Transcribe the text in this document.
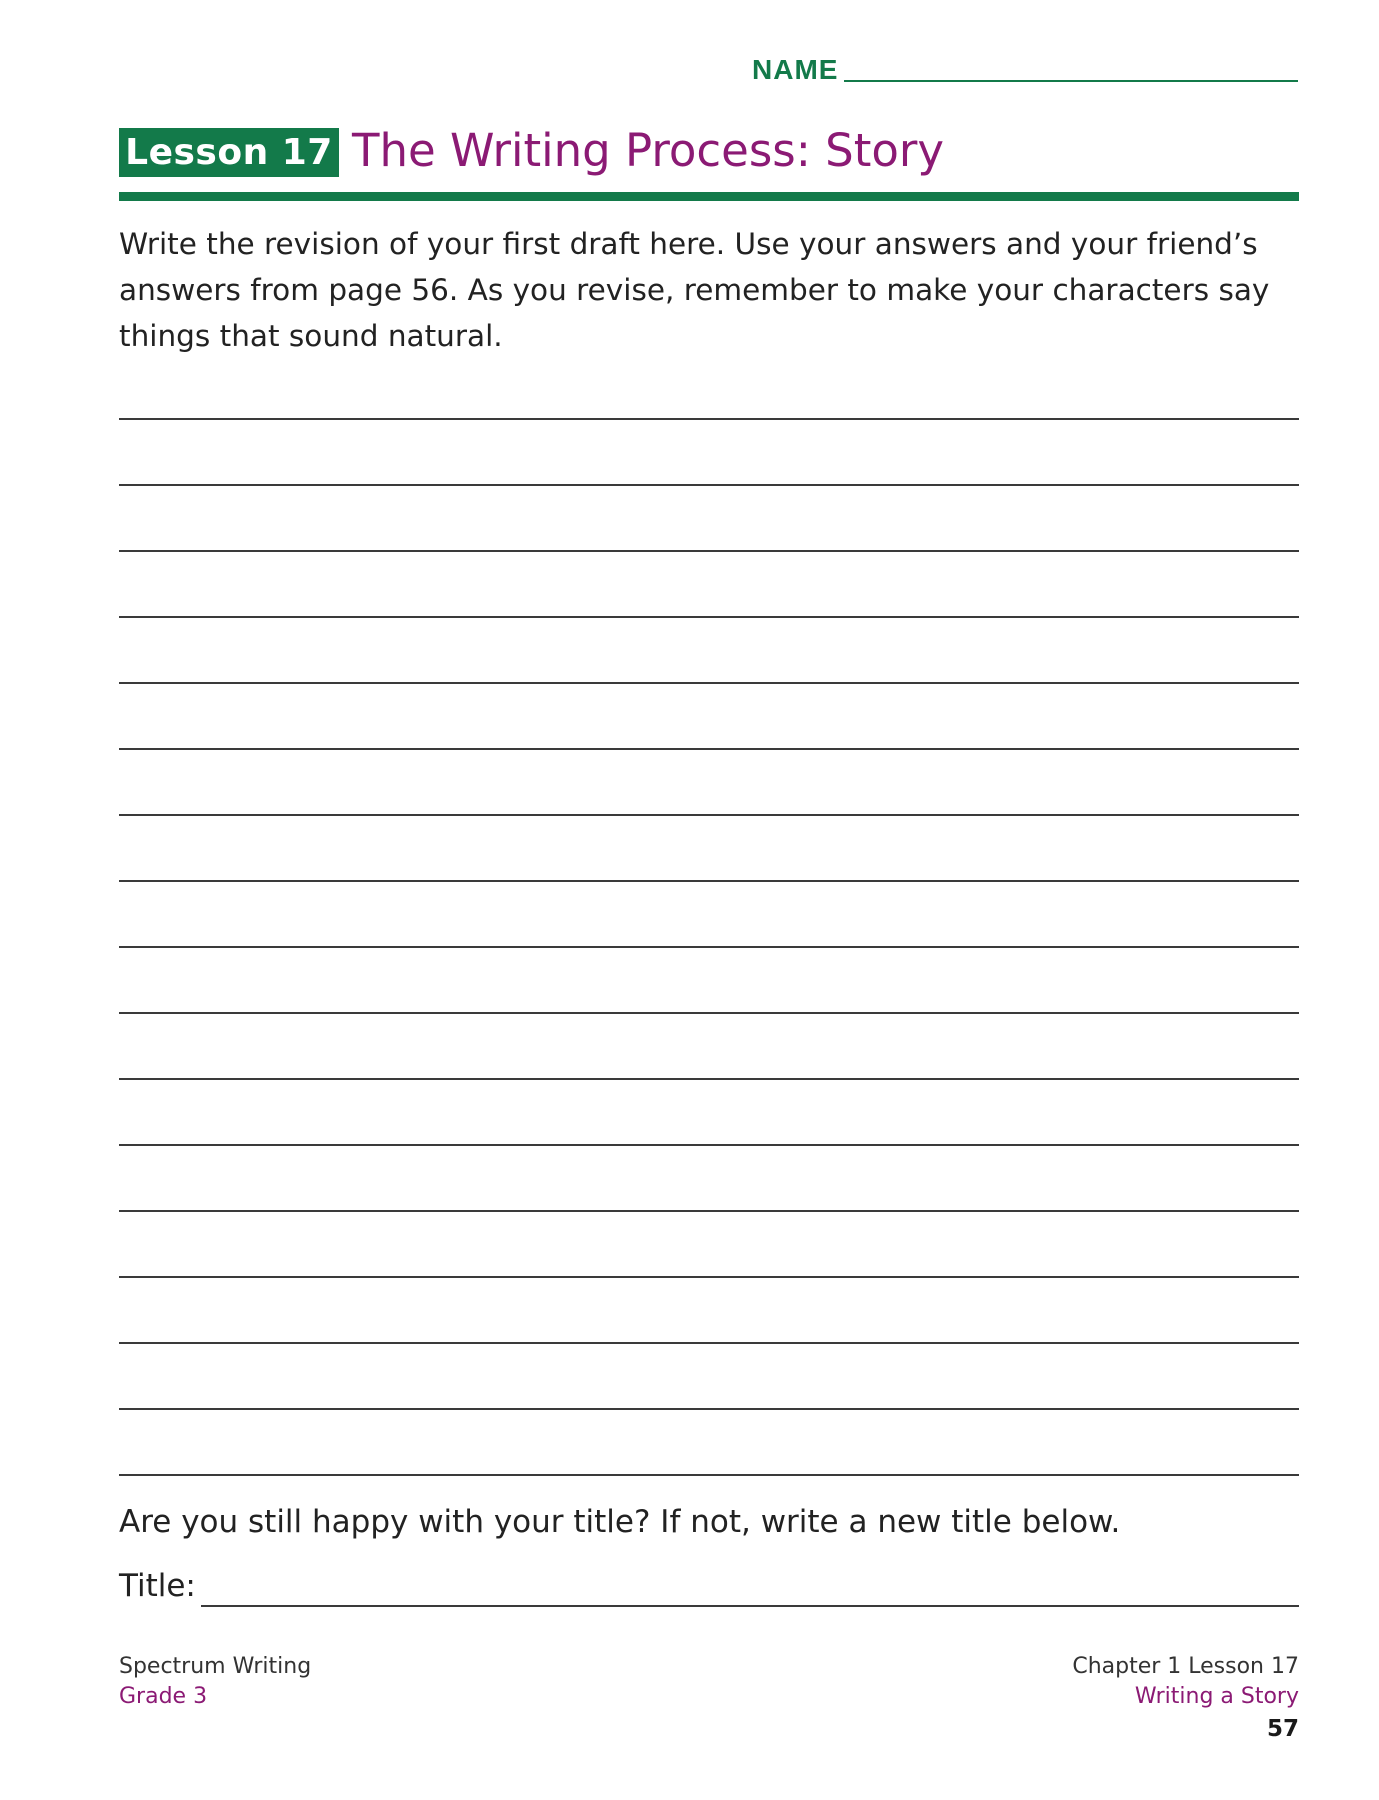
NAME
Lesson 17 The Writing Process: Story
Write the revision of your first draft here. Use your answers and your friend’s answers from page 56. As you revise, remember to make your characters say things that sound natural.
Are you still happy with your title? If not, write a new title below.
Title:
Spectrum Writing
Grade 3
Chapter 1 Lesson 17
Writing a Story
57
